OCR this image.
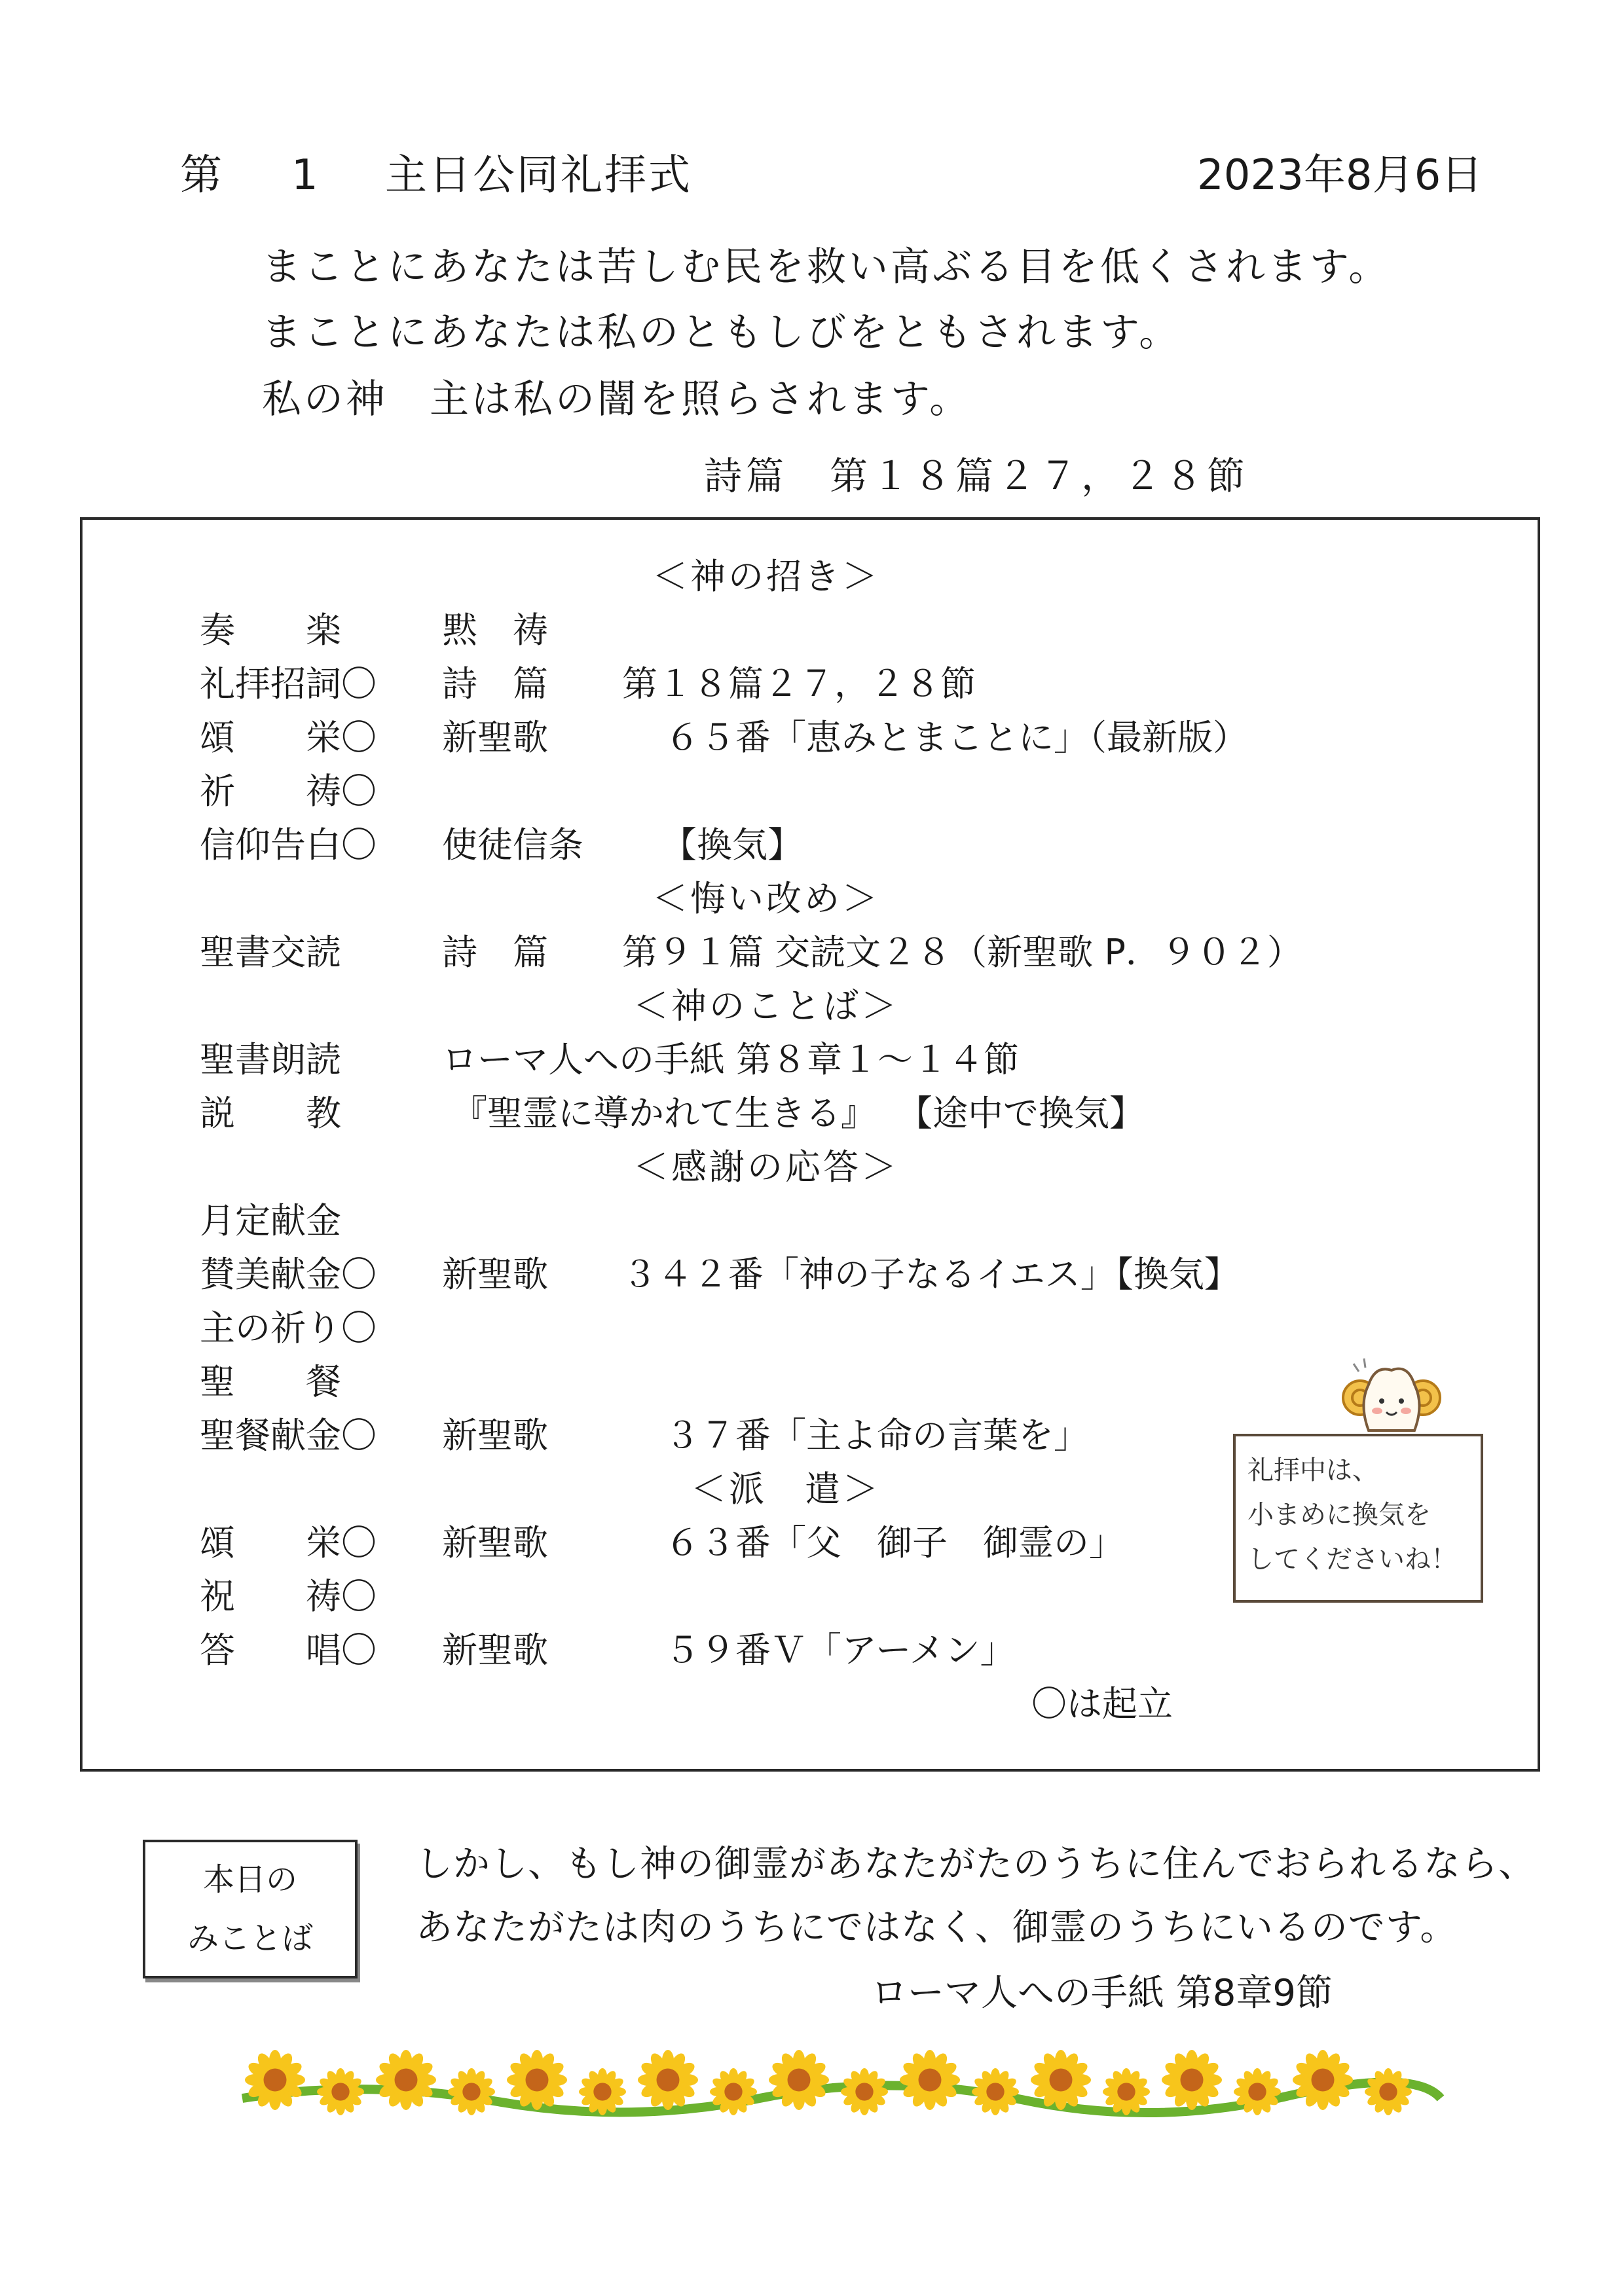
第 1 主日公同礼拝式	2023年8月6日
まことにあなたは苦しむ民を救い高ぶる目を低くされます。
まことにあなたは私のともしびをともされます。
私の神　主は私の闇を照らされます。
詩篇　第１８篇２７，２８節
＜神の招き＞
奏　　楽	黙　祷
礼拝招詞〇 詩　篇 第１８篇２７，２８節
頌　　栄〇 新聖歌	６５番「恵みとまことに」（最新版）
祈　　祷〇
信仰告白〇 使徒信条 【換気】
＜悔い改め＞
聖書交読	詩　篇 第９１篇 交読文２８（新聖歌 P．９０２）
＜神のことば＞
聖書朗読	ローマ人への手紙 第８章１～１４節
説　　教	『聖霊に導かれて生きる』 【途中で換気】
＜感謝の応答＞
月定献金
賛美献金〇 新聖歌 ３４２番「神の子なるイエス」【換気】
主の祈り〇
聖　　餐
聖餐献金〇 新聖歌	３７番「主よ命の言葉を」
＜派　遣＞
頌　　栄〇 新聖歌	６３番「父　御子　御霊の」
祝　　祷〇
答　　唱〇 新聖歌	５９番Ｖ「アーメン」
〇は起立
礼拝中は、
小まめに換気を
してくださいね！
本日の
みことば
しかし、もし神の御霊があなたがたのうちに住んでおられるなら、
あなたがたは肉のうちにではなく、御霊のうちにいるのです。
ローマ人への手紙 第8章9節
